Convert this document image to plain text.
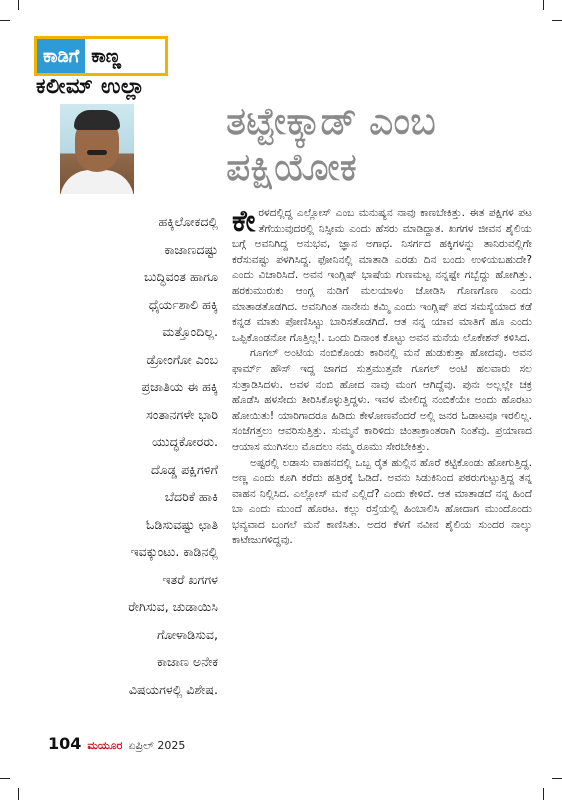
ಕಾಡಿಗೆ ಕಾಣ್ಣ
ಕಲೀಮ್ ಉಲ್ಲಾ
ತಟ್ಟೇಕ್ಕಾಡ್ ಎಂಬ ಪಕ್ಷಿಯೋಕ

ಹಕ್ಕಿಲೋಕದಲ್ಲಿ

ಕಾಜಾಣದಷ್ಟು

ಬುದ್ಧಿವಂತ ಹಾಗೂ

ಧೈರ್ಯಶಾಲಿ ಹಕ್ಕಿ

ಮತ್ತೊಂದಿಲ್ಲ.

ಡ್ರೋಂಗೋ ಎಂಬ

ಪ್ರಜಾತಿಯ ಈ ಹಕ್ಕಿ

ಸಂತಾನಗಳೇ ಭಾರಿ

ಯುದ್ಧಕೋರರು.

ದೊಡ್ಡ ಪಕ್ಷಿಗಳಿಗೆ

ಬೆದರಿಕೆ ಹಾಕಿ

ಓಡಿಸುವಷ್ಟು ಛಾತಿ

ಇವಕ್ಕುಂಟು. ಕಾಡಿನಲ್ಲಿ

ಇತರೆ ಖಗಗಳ

ರೇಗಿಸುವ, ಚುಡಾಯಿಸಿ

ಗೋಳಾಡಿಸುವ,

ಕಾಜಾಣ ಅನೇಕ

ವಿಷಯಗಳಲ್ಲಿ ವಿಶೇಷ.

ಕೇರಳದಲ್ಲಿದ್ದ ಎಲ್ಲೋಸ್ ಎಂಬ ಮನುಷ್ಯನ ನಾವು ಕಾಣಬೇಕಿತ್ತು. ಈತ ಪಕ್ಷಿಗಳ ಪಟ ತೆಗೆಯುವುದರಲ್ಲಿ ನಿಸ್ಸೀಮ ಎಂದು ಹೆಸರು ಮಾಡಿದ್ದಾತ. ಖಗಗಳ ಜೀವನ ಶೈಲಿಯ ಬಗ್ಗೆ ಅವನಿಗಿದ್ದ ಅನುಭವ, ಜ್ಞಾನ ಅಗಾಧ. ನಿಸರ್ಗದ ಹಕ್ಕಿಗಳನ್ನು ತಾನಿರುವಲ್ಲಿಗೇ ಕರೆಸುವಷ್ಟು ಪಳಗಿಸಿದ್ದ. ಫೋನಿನಲ್ಲಿ ಮಾತಾಡಿ ಎರಡು ದಿನ ಬಂದು ಉಳಿಯಬಹುದೇ? ಎಂದು ವಿಚಾರಿಸಿದೆ. ಅವನ ಇಂಗ್ಲಿಷ್ ಭಾಷೆಯ ಗುಣಮಟ್ಟ ನನ್ನಷ್ಟೇ ಗಬ್ಬೆದ್ದು ಹೋಗಿತ್ತು. ಹರಕುಮುರುಕು ಆಂಗ್ಲ ನುಡಿಗೆ ಮಲಯಾಳಂ ಜೋಡಿಸಿ ಗೊಣಗೊಣ ಎಂದು ಮಾತಾಡತೊಡಗಿದ. ಅವನಿಗಿಂತ ನಾನೇನು ಕಮ್ಮಿ ಎಂದು ಇಂಗ್ಲಿಷ್ ಪದ ಸಮಸ್ಯೆಯಾದ ಕಡೆ ಕನ್ನಡ ಮಾತು ಪೋಣಿಸಿಟ್ಟು ಬಾರಿಸತೊಡಗಿದೆ. ಆತ ನನ್ನ ಯಾವ ಮಾತಿಗೆ ಹೂ ಎಂದು ಒಪ್ಪಿಕೊಂಡನೋ ಗೊತ್ತಿಲ್ಲ!. ಒಂದು ದಿನಾಂಕ ಕೊಟ್ಟು ಅವನ ಮನೆಯ ಲೊಕೇಶನ್ ಕಳಿಸಿದ.

ಗೂಗಲ್ ಅಂಟಿಯ ನಂಬಿಕೊಂಡು ಕಾರಿನಲ್ಲಿ ಮನೆ ಹುಡುಕುತ್ತಾ ಹೋದವು. ಅವನ ಫಾರ್ಮ್ ಹೌಸ್ ಇದ್ದ ಜಾಗದ ಸುತ್ತಮುತ್ತವೇ ಗೂಗಲ್ ಅಂಟಿ ಹಲವಾರು ಸಲ ಸುತ್ತಾಡಿಸಿದಳು. ಅವಳ ನಂಬಿ ಹೋದ ನಾವು ಮಂಗ ಆಗಿದ್ದೆವು. ಪುನಃ ಅಲ್ಲಲ್ಲೇ ಚಕ್ರ ಹೊಡೆಸಿ ಹಳಸೇದು ತೀರಿಸಿಕೊಳ್ಳುತ್ತಿದ್ದಳು. ಇವಳ ಮೇಲಿದ್ದ ನಂಬಿಕೆಯೇ ಅಂದು ಹೊರಟು ಹೋಯಿತು! ಯಾರಿಗಾದರೂ ಹಿಡಿದು ಕೇಳೋಣವೆಂದರೆ ಅಲ್ಲಿ ಜನರ ಓಡಾಟವೂ ಇರಲಿಲ್ಲ. ಸಂಜೆಗತ್ತಲು ಆವರಿಸುತ್ತಿತ್ತು. ಸುಮ್ಮನೆ ಕಾರಿಳಿದು ಚಿಂತಾಕ್ರಾಂತರಾಗಿ ನಿಂತೆವು. ಪ್ರಯಾಣದ ಆಯಾಸ ಮುಗಿಸಲು ಮೊದಲು ನಮ್ಮ ರೂಮು ಸೇರಬೇಕಿತ್ತು.

ಅಷ್ಟರಲ್ಲಿ ಲಡಾಸು ವಾಹನದಲ್ಲಿ ಒಬ್ಬ ರೈತ ಹುಲ್ಲಿನ ಹೊರೆ ಕಟ್ಟಿಕೊಂಡು ಹೋಗುತ್ತಿದ್ದ. ಅಣ್ಣ ಎಂದು ಕೂಗಿ ಕರೆದು ಹತ್ತಿರಕ್ಕೆ ಓಡಿದೆ. ಅವನು ಸಿಡುಕಿನಿಂದ ಪಠರುಗುಟ್ಟುತ್ತಿದ್ದ ತನ್ನ ವಾಹನ ನಿಲ್ಲಿಸಿದ. ಎಲ್ಲೋಸ್ ಮನೆ ಎಲ್ಲಿದೆ? ಎಂದು ಕೇಳಿದೆ. ಆತ ಮಾತಾಡದೆ ನನ್ನ ಹಿಂದೆ ಬಾ ಎಂದು ಮುಂದೆ ಹೊರಟ. ಕಲ್ಲು ರಸ್ತೆಯಲ್ಲಿ ಹಿಂಬಾಲಿಸಿ ಹೋದಾಗ ಮುಂದೊಂದು ಭವ್ಯವಾದ ಬಂಗಲೆ ಮನೆ ಕಾಣಿಸಿತು. ಅದರ ಕೆಳಗೆ ನವೀನ ಶೈಲಿಯ ಸುಂದರ ನಾಲ್ಕು ಕಾಟೇಜುಗಳಿದ್ದವು.

104 ಮಯೂರ ಏಪ್ರಿಲ್ 2025
